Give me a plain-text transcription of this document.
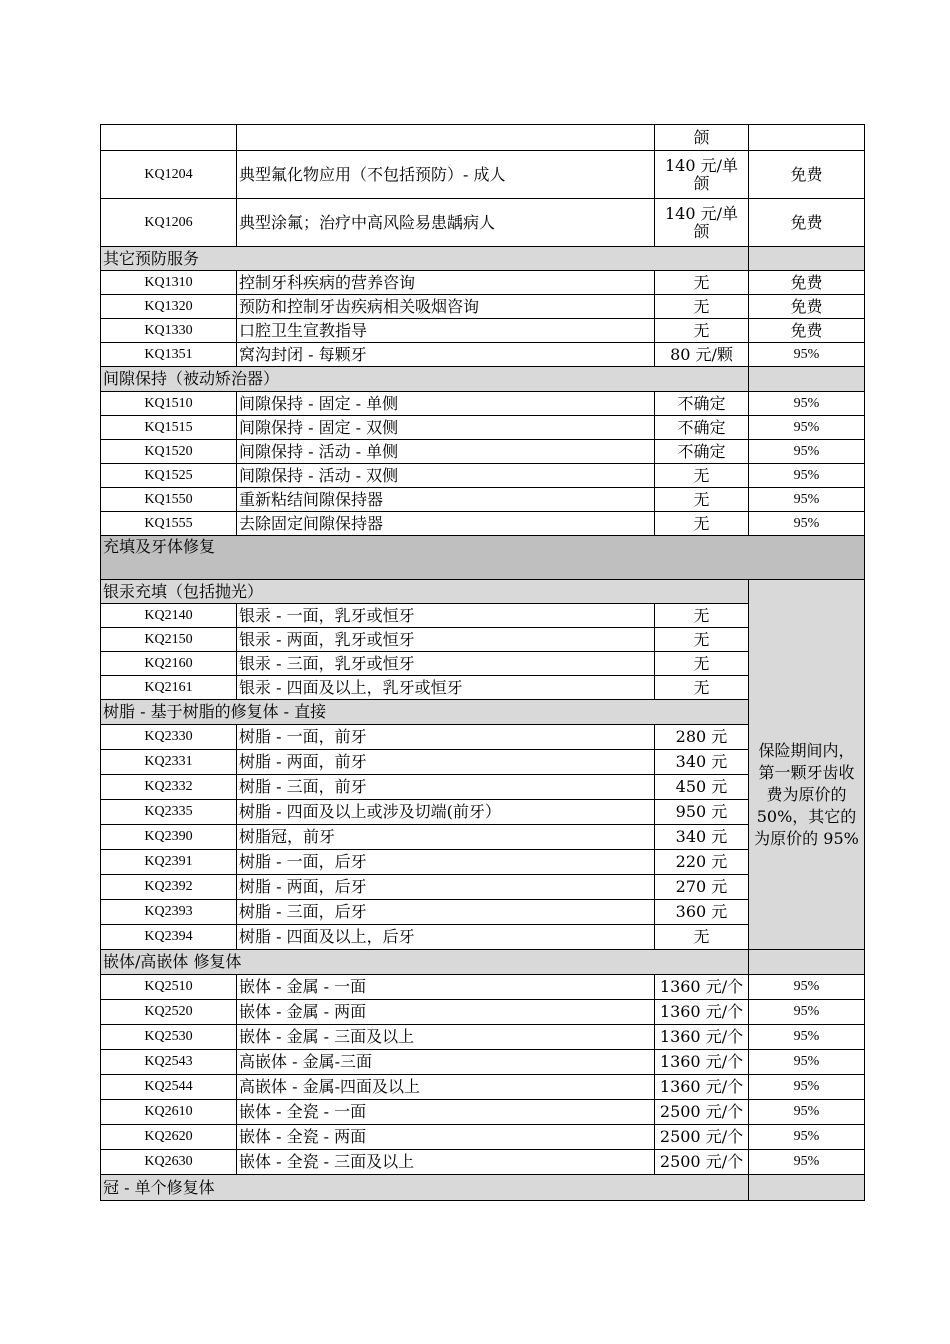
		颌	
KQ1204	典型氟化物应用（不包括预防）- 成人	140 元/单颌	免费
KQ1206	典型涂氟；治疗中高风险易患龋病人	140 元/单颌	免费
其它预防服务			
KQ1310	控制牙科疾病的营养咨询	无	免费
KQ1320	预防和控制牙齿疾病相关吸烟咨询	无	免费
KQ1330	口腔卫生宣教指导	无	免费
KQ1351	窝沟封闭 - 每颗牙	80 元/颗	95%
间隙保持（被动矫治器）			
KQ1510	间隙保持 - 固定 - 单侧	不确定	95%
KQ1515	间隙保持 - 固定 - 双侧	不确定	95%
KQ1520	间隙保持 - 活动 - 单侧	不确定	95%
KQ1525	间隙保持 - 活动 - 双侧	无	95%
KQ1550	重新粘结间隙保持器	无	95%
KQ1555	去除固定间隙保持器	无	95%
充填及牙体修复			
银汞充填（包括抛光）			保险期间内，第一颗牙齿收费为原价的 50%，其它的为原价的 95%
KQ2140	银汞 - 一面，乳牙或恒牙	无	
KQ2150	银汞 - 两面，乳牙或恒牙	无	
KQ2160	银汞 - 三面，乳牙或恒牙	无	
KQ2161	银汞 - 四面及以上，乳牙或恒牙	无	
树脂 - 基于树脂的修复体 - 直接			
KQ2330	树脂 - 一面，前牙	280 元	
KQ2331	树脂 - 两面，前牙	340 元	
KQ2332	树脂 - 三面，前牙	450 元	
KQ2335	树脂 - 四面及以上或涉及切端(前牙）	950 元	
KQ2390	树脂冠，前牙	340 元	
KQ2391	树脂 - 一面，后牙	220 元	
KQ2392	树脂 - 两面，后牙	270 元	
KQ2393	树脂 - 三面，后牙	360 元	
KQ2394	树脂 - 四面及以上，后牙	无	
嵌体/高嵌体 修复体			
KQ2510	嵌体 - 金属 - 一面	1360 元/个	95%
KQ2520	嵌体 - 金属 - 两面	1360 元/个	95%
KQ2530	嵌体 - 金属 - 三面及以上	1360 元/个	95%
KQ2543	高嵌体 - 金属-三面	1360 元/个	95%
KQ2544	高嵌体 - 金属-四面及以上	1360 元/个	95%
KQ2610	嵌体 - 全瓷 - 一面	2500 元/个	95%
KQ2620	嵌体 - 全瓷 - 两面	2500 元/个	95%
KQ2630	嵌体 - 全瓷 - 三面及以上	2500 元/个	95%
冠 - 单个修复体			
